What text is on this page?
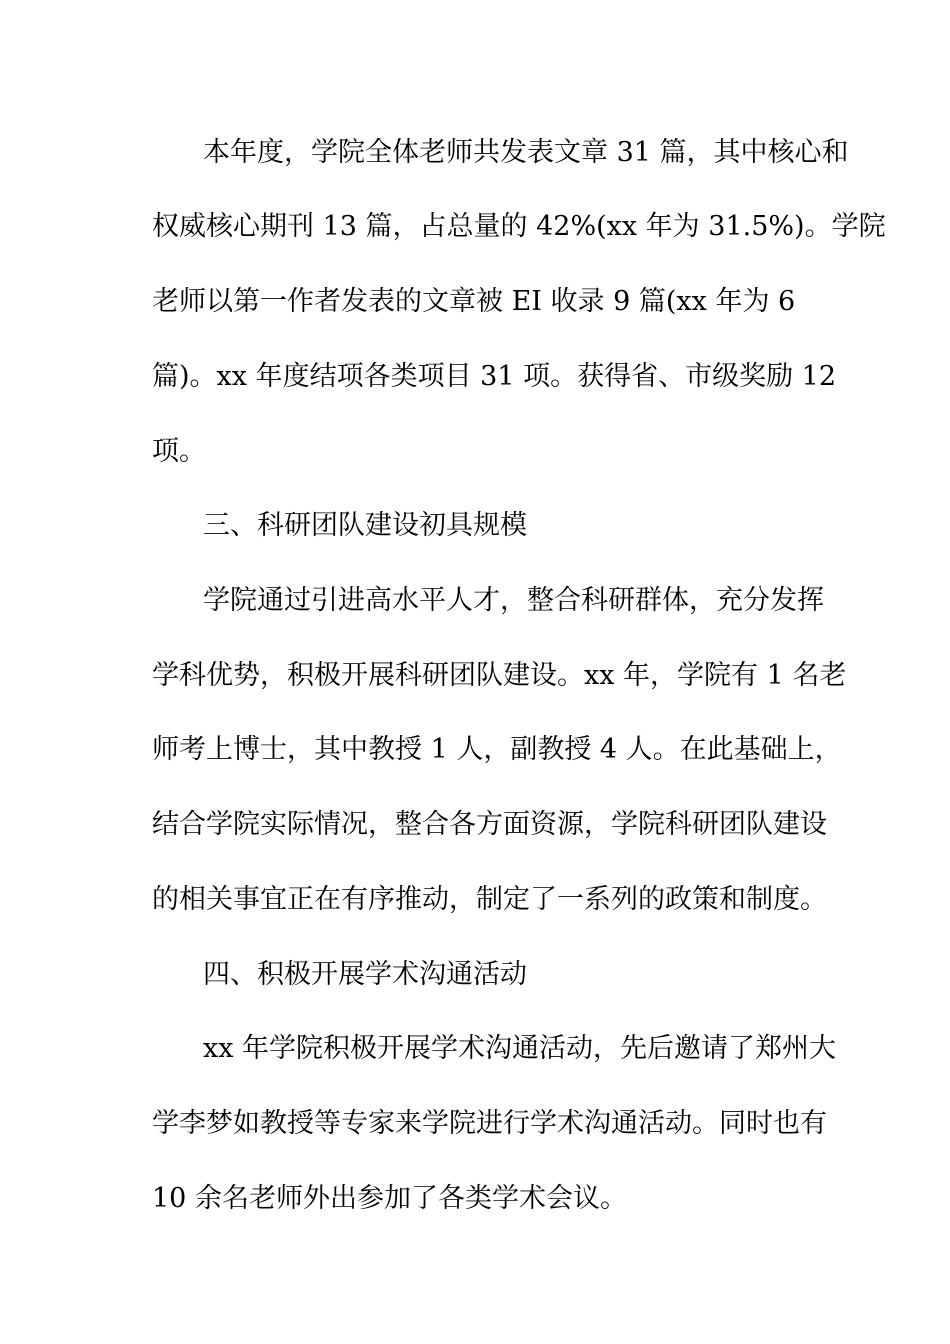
本年度，学院全体老师共发表文章 31 篇，其中核心和
权威核心期刊 13 篇，占总量的 42%(xx 年为 31.5%)。学院
老师以第一作者发表的文章被 EI 收录 9 篇(xx 年为 6
篇)。xx 年度结项各类项目 31 项。获得省、市级奖励 12
项。
三、科研团队建设初具规模
学院通过引进高水平人才，整合科研群体，充分发挥
学科优势，积极开展科研团队建设。xx 年，学院有 1 名老
师考上博士，其中教授 1 人，副教授 4 人。在此基础上，
结合学院实际情况，整合各方面资源，学院科研团队建设
的相关事宜正在有序推动，制定了一系列的政策和制度。
四、积极开展学术沟通活动
xx 年学院积极开展学术沟通活动，先后邀请了郑州大
学李梦如教授等专家来学院进行学术沟通活动。同时也有
10 余名老师外出参加了各类学术会议。
